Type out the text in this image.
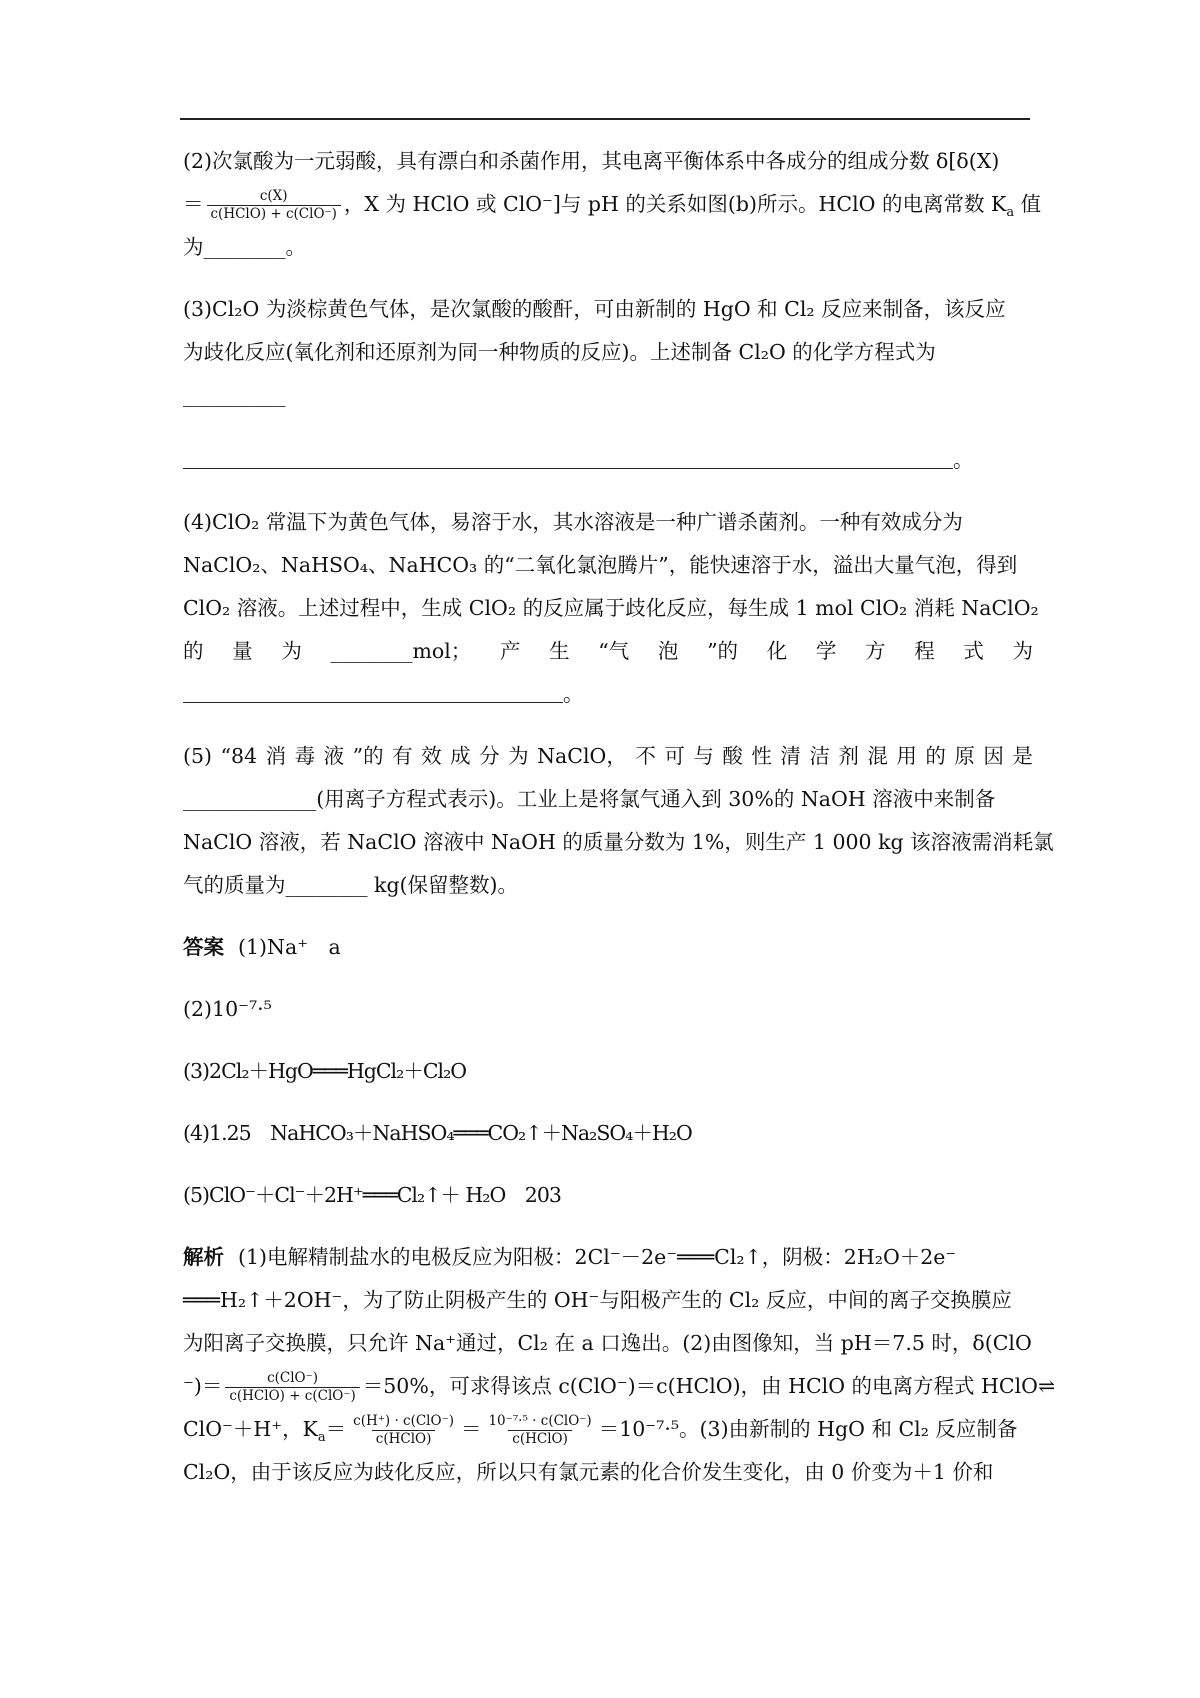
(2)次氯酸为一元弱酸，具有漂白和杀菌作用，其电离平衡体系中各成分的组成分数 δ[δ(X)
＝ $\frac{c(X)}{\text{c(HClO) + c(ClO⁻)}}$ ，X 为 HClO 或 ClO⁻]与 pH 的关系如图(b)所示。HClO 的电离常数 $K_a$ 值
为________。
(3)Cl₂O 为淡棕黄色气体，是次氯酸的酸酐，可由新制的 HgO 和 Cl₂ 反应来制备，该反应
为歧化反应(氧化剂和还原剂为同一种物质的反应)。上述制备 Cl₂O 的化学方程式为
__________
。
(4)ClO₂ 常温下为黄色气体，易溶于水，其水溶液是一种广谱杀菌剂。一种有效成分为
NaClO₂、NaHSO₄、NaHCO₃ 的“二氧化氯泡腾片”，能快速溶于水，溢出大量气泡，得到
ClO₂ 溶液。上述过程中，生成 ClO₂ 的反应属于歧化反应，每生成 1 mol ClO₂ 消耗 NaClO₂
的 量 为 ________mol； 产 生 “气 泡 ”的 化 学 方 程 式 为
。
(5) “84 消 毒 液 ”的 有 效 成 分 为 NaClO， 不 可 与 酸 性 清 洁 剂 混 用 的 原 因 是
_____________(用离子方程式表示)。工业上是将氯气通入到 30%的 NaOH 溶液中来制备
NaClO 溶液，若 NaClO 溶液中 NaOH 的质量分数为 1%，则生产 1 000 kg 该溶液需消耗氯
气的质量为________ kg(保留整数)。
答案 (1)Na⁺　a
(2)10⁻⁷·⁵
(3)2Cl₂＋HgO═══HgCl₂＋Cl₂O
(4)1.25　NaHCO₃＋NaHSO₄═══CO₂↑＋Na₂SO₄＋H₂O
(5)ClO⁻＋Cl⁻＋2H⁺═══Cl₂↑＋ H₂O　203
解析 (1)电解精制盐水的电极反应为阳极：2Cl⁻－2e⁻═══Cl₂↑，阴极：2H₂O＋2e⁻
═══H₂↑＋2OH⁻，为了防止阴极产生的 OH⁻与阳极产生的 Cl₂ 反应，中间的离子交换膜应
为阳离子交换膜，只允许 Na⁺通过，Cl₂ 在 a 口逸出。(2)由图像知，当 pH＝7.5 时，δ(ClO
⁻)＝ $\frac{\text{c(ClO⁻)}}{\text{c(HClO) + c(ClO⁻)}} =50\%$，可求得该点 c(ClO⁻)＝c(HClO)，由 HClO 的电离方程式 HClO⇌
ClO⁻＋H⁺，$K_a= \frac{\text{c(H⁺) · c(ClO⁻)}}{\text{c(HClO)}} = \frac{\text{10⁻⁷·⁵ · c(ClO⁻)}}{\text{c(HClO)}} =10^{-7}\cdot^5$。(3)由新制的 HgO 和 Cl₂ 反应制备
Cl₂O，由于该反应为歧化反应，所以只有氯元素的化合价发生变化，由 0 价变为＋1 价和
